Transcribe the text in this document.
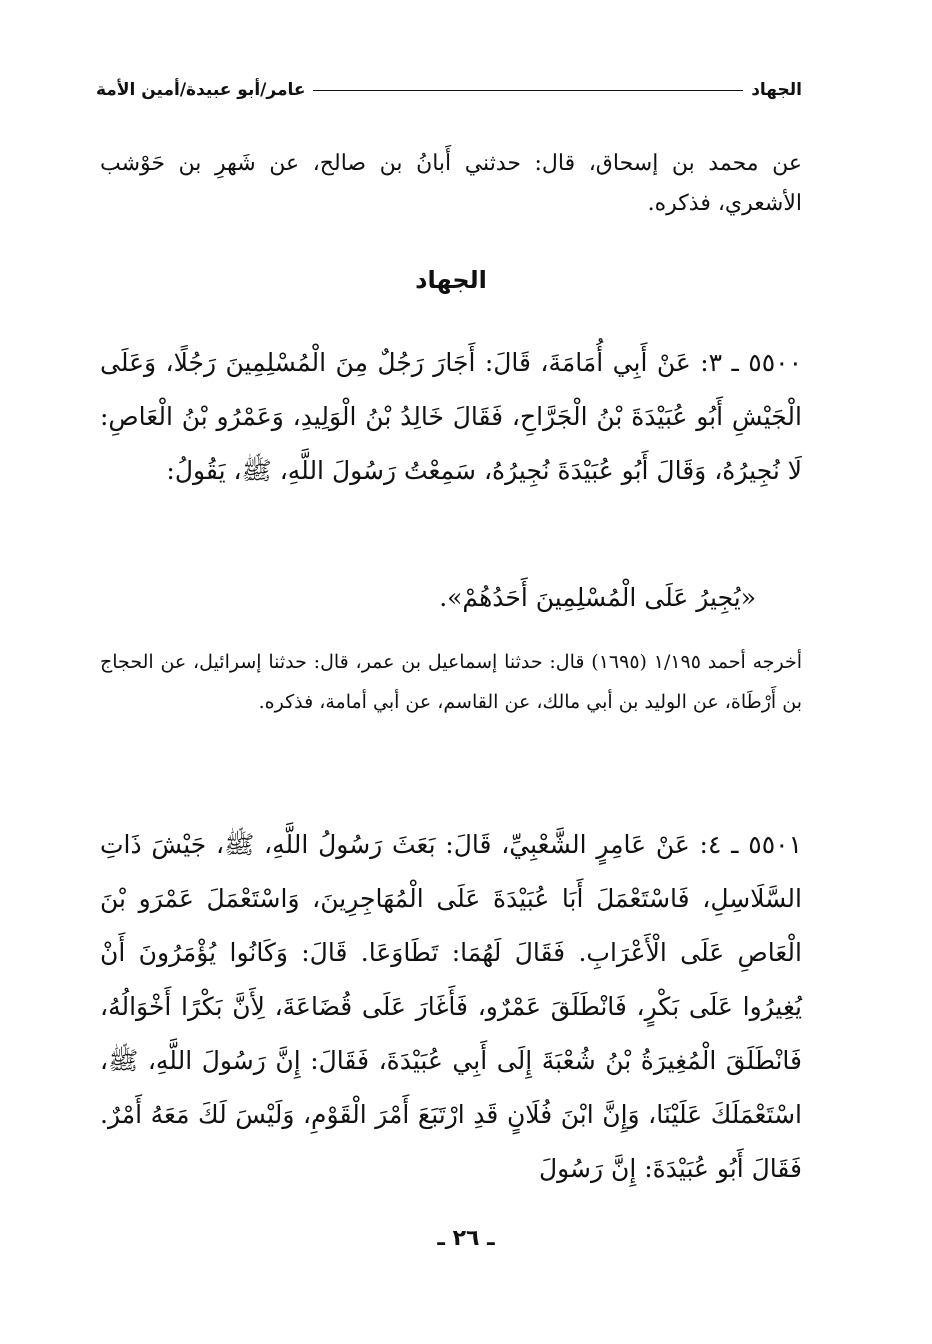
الجهاد
عامر/أبو عبيدة/أمين الأمة
عن محمد بن إسحاق، قال: حدثني أَبانُ بن صالح، عن شَهرِ بن حَوْشب الأشعري، فذكره.
الجهاد
٥٥٠٠ ـ ٣: عَنْ أَبِي أُمَامَةَ، قَالَ: أَجَارَ رَجُلٌ مِنَ الْمُسْلِمِينَ رَجُلًا، وَعَلَى الْجَيْشِ أَبُو عُبَيْدَةَ بْنُ الْجَرَّاحِ، فَقَالَ خَالِدُ بْنُ الْوَلِيدِ، وَعَمْرُو بْنُ الْعَاصِ: لَا نُجِيرُهُ، وَقَالَ أَبُو عُبَيْدَةَ نُجِيرُهُ، سَمِعْتُ رَسُولَ اللَّهِ، ﷺ، يَقُولُ:
«يُجِيرُ عَلَى الْمُسْلِمِينَ أَحَدُهُمْ».
أخرجه أحمد ١/١٩٥ (١٦٩٥) قال: حدثنا إسماعيل بن عمر، قال: حدثنا إسرائيل، عن الحجاج بن أَرْطَاة، عن الوليد بن أبي مالك، عن القاسم، عن أبي أمامة، فذكره.
٥٥٠١ ـ ٤: عَنْ عَامِرٍ الشَّعْبِيِّ، قَالَ: بَعَثَ رَسُولُ اللَّهِ، ﷺ، جَيْشَ ذَاتِ السَّلَاسِلِ، فَاسْتَعْمَلَ أَبَا عُبَيْدَةَ عَلَى الْمُهَاجِرِينَ، وَاسْتَعْمَلَ عَمْرَو بْنَ الْعَاصِ عَلَى الْأَعْرَابِ. فَقَالَ لَهُمَا: تَطَاوَعَا. قَالَ: وَكَانُوا يُؤْمَرُونَ أَنْ يُغِيرُوا عَلَى بَكْرٍ، فَانْطَلَقَ عَمْرٌو، فَأَغَارَ عَلَى قُضَاعَةَ، لِأَنَّ بَكْرًا أَخْوَالُهُ، فَانْطَلَقَ الْمُغِيرَةُ بْنُ شُعْبَةَ إِلَى أَبِي عُبَيْدَةَ، فَقَالَ: إِنَّ رَسُولَ اللَّهِ، ﷺ، اسْتَعْمَلَكَ عَلَيْنَا، وَإِنَّ ابْنَ فُلَانٍ قَدِ ارْتَبَعَ أَمْرَ الْقَوْمِ، وَلَيْسَ لَكَ مَعَهُ أَمْرٌ. فَقَالَ أَبُو عُبَيْدَةَ: إِنَّ رَسُولَ
ـ ٢٦ ـ
